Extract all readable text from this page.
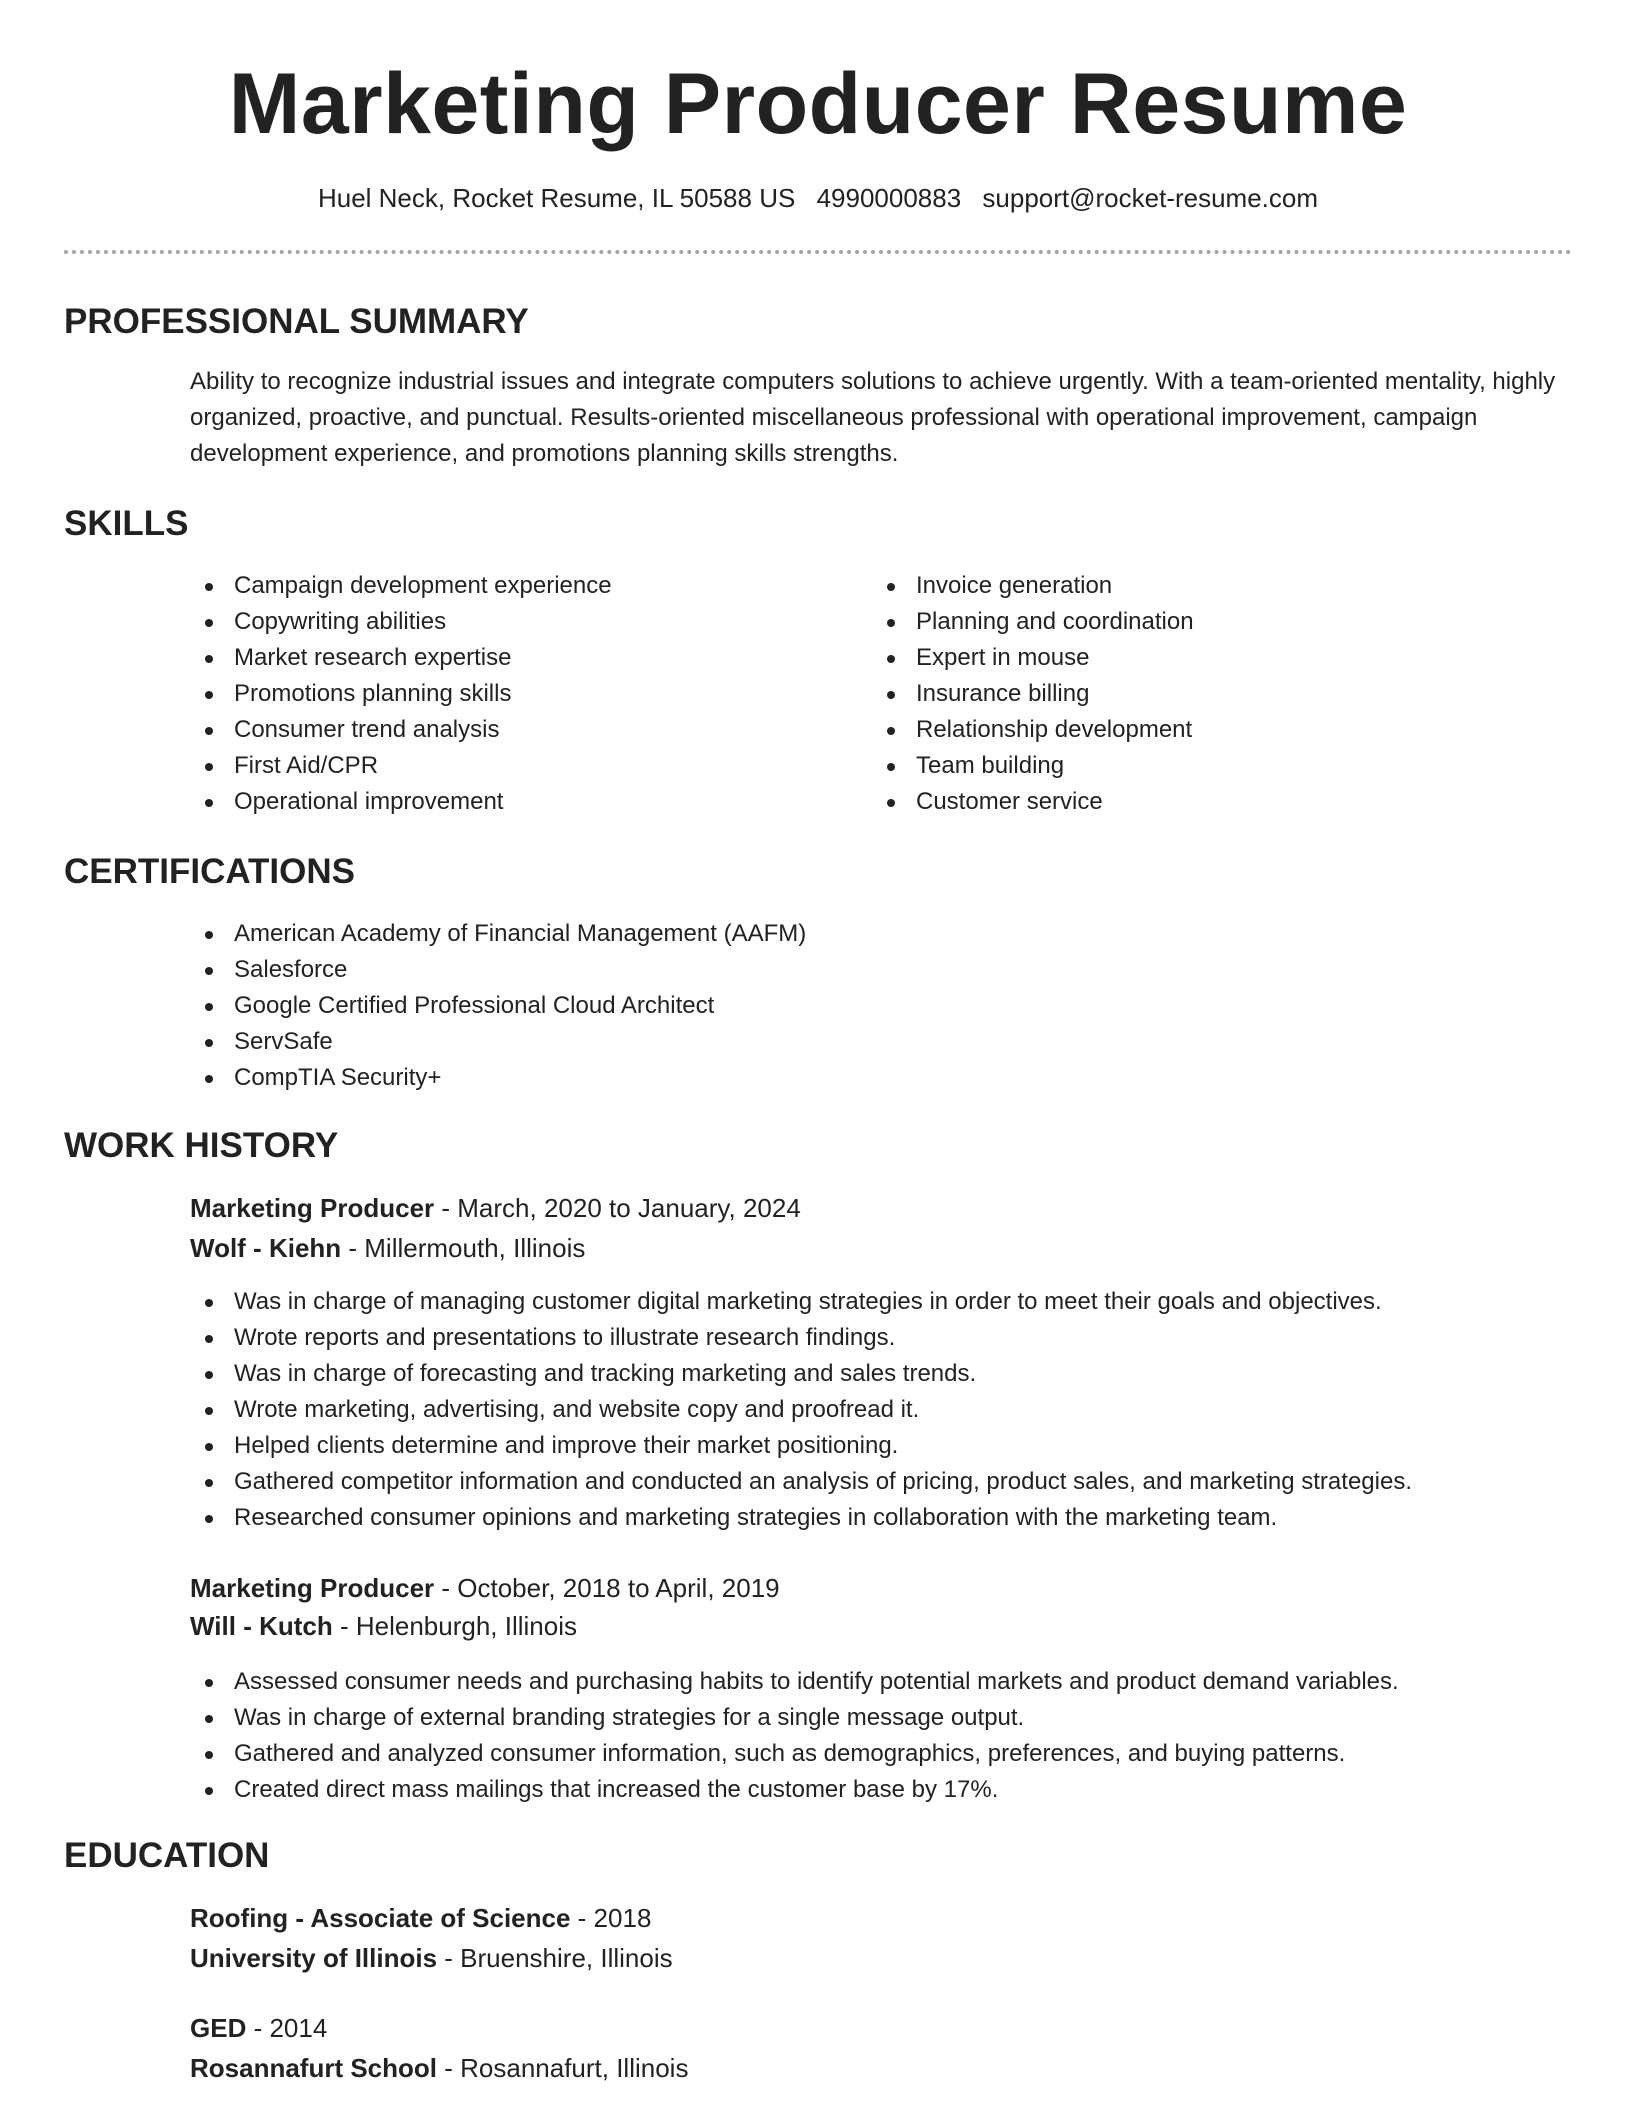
Marketing Producer Resume
Huel Neck, Rocket Resume, IL 50588 US 4990000883 support@rocket-resume.com
PROFESSIONAL SUMMARY

Ability to recognize industrial issues and integrate computers solutions to achieve urgently. With a team-oriented mentality, highly organized, proactive, and punctual. Results-oriented miscellaneous professional with operational improvement, campaign development experience, and promotions planning skills strengths.

SKILLS
Campaign development experience
Copywriting abilities
Market research expertise
Promotions planning skills
Consumer trend analysis
First Aid/CPR
Operational improvement
Invoice generation
Planning and coordination
Expert in mouse
Insurance billing
Relationship development
Team building
Customer service
CERTIFICATIONS
American Academy of Financial Management (AAFM)
Salesforce
Google Certified Professional Cloud Architect
ServSafe
CompTIA Security+
WORK HISTORY
Marketing Producer - March, 2020 to January, 2024
Wolf - Kiehn - Millermouth, Illinois
Was in charge of managing customer digital marketing strategies in order to meet their goals and objectives.
Wrote reports and presentations to illustrate research findings.
Was in charge of forecasting and tracking marketing and sales trends.
Wrote marketing, advertising, and website copy and proofread it.
Helped clients determine and improve their market positioning.
Gathered competitor information and conducted an analysis of pricing, product sales, and marketing strategies.
Researched consumer opinions and marketing strategies in collaboration with the marketing team.
Marketing Producer - October, 2018 to April, 2019
Will - Kutch - Helenburgh, Illinois
Assessed consumer needs and purchasing habits to identify potential markets and product demand variables.
Was in charge of external branding strategies for a single message output.
Gathered and analyzed consumer information, such as demographics, preferences, and buying patterns.
Created direct mass mailings that increased the customer base by 17%.
EDUCATION
Roofing - Associate of Science - 2018
University of Illinois - Bruenshire, Illinois
GED - 2014
Rosannafurt School - Rosannafurt, Illinois
